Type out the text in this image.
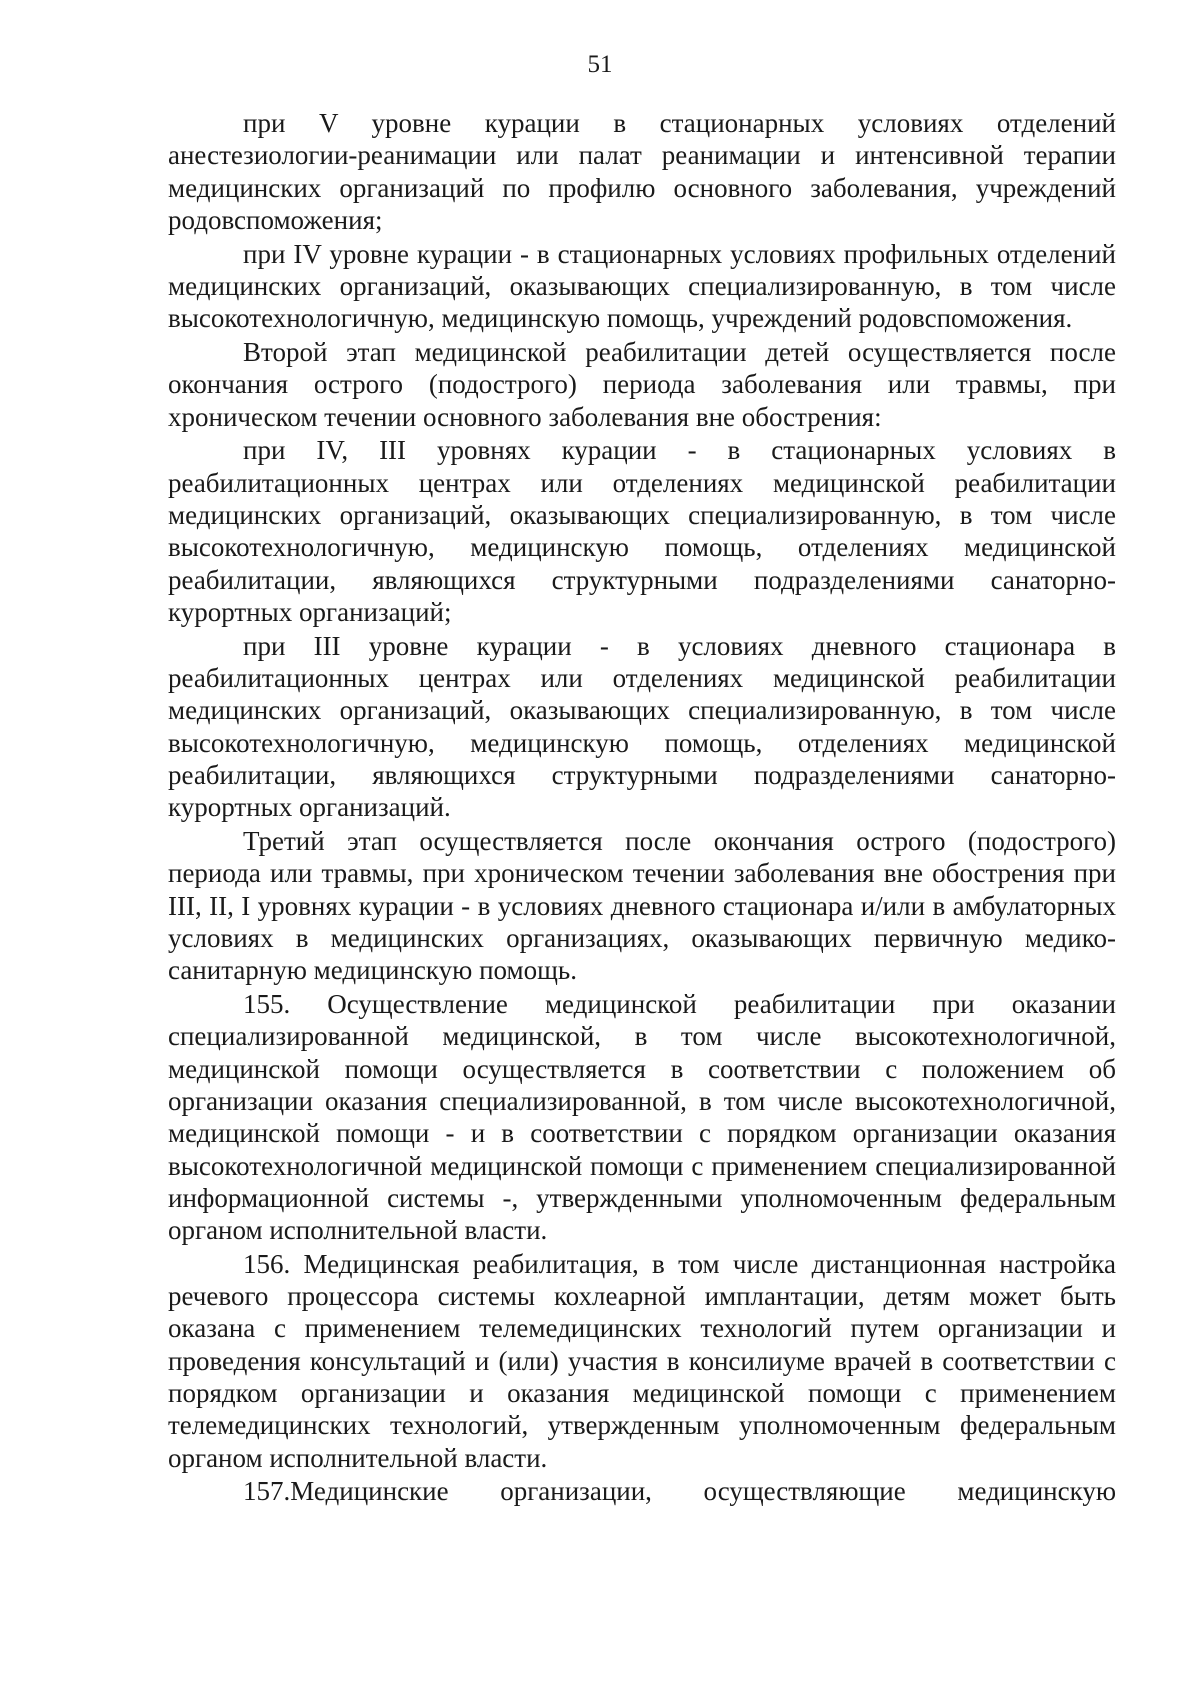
51

при V уровне курации в стационарных условиях отделений анестезиологии-реанимации или палат реанимации и интенсивной терапии медицинских организаций по профилю основного заболевания, учреждений родовспоможения;

при IV уровне курации - в стационарных условиях профильных отделений медицинских организаций, оказывающих специализированную, в том числе высокотехнологичную, медицинскую помощь, учреждений родовспоможения.

Второй этап медицинской реабилитации детей осуществляется после окончания острого (подострого) периода заболевания или травмы, при хроническом течении основного заболевания вне обострения:

при IV, III уровнях курации - в стационарных условиях в реабилитационных центрах или отделениях медицинской реабилитации медицинских организаций, оказывающих специализированную, в том числе высокотехнологичную, медицинскую помощь, отделениях медицинской реабилитации, являющихся структурными подразделениями санаторно-курортных организаций;

при III уровне курации - в условиях дневного стационара в реабилитационных центрах или отделениях медицинской реабилитации медицинских организаций, оказывающих специализированную, в том числе высокотехнологичную, медицинскую помощь, отделениях медицинской реабилитации, являющихся структурными подразделениями санаторно-курортных организаций.

Третий этап осуществляется после окончания острого (подострого) периода или травмы, при хроническом течении заболевания вне обострения при III, II, I уровнях курации - в условиях дневного стационара и/или в амбулаторных условиях в медицинских организациях, оказывающих первичную медико-санитарную медицинскую помощь.

155. Осуществление медицинской реабилитации при оказании специализированной медицинской, в том числе высокотехнологичной, медицинской помощи осуществляется в соответствии с положением об организации оказания специализированной, в том числе высокотехнологичной, медицинской помощи - и в соответствии с порядком организации оказания высокотехнологичной медицинской помощи с применением специализированной информационной системы -, утвержденными уполномоченным федеральным органом исполнительной власти.

156. Медицинская реабилитация, в том числе дистанционная настройка речевого процессора системы кохлеарной имплантации, детям может быть оказана с применением телемедицинских технологий путем организации и проведения консультаций и (или) участия в консилиуме врачей в соответствии с порядком организации и оказания медицинской помощи с применением телемедицинских технологий, утвержденным уполномоченным федеральным органом исполнительной власти.

157.Медицинские организации, осуществляющие медицинскую
